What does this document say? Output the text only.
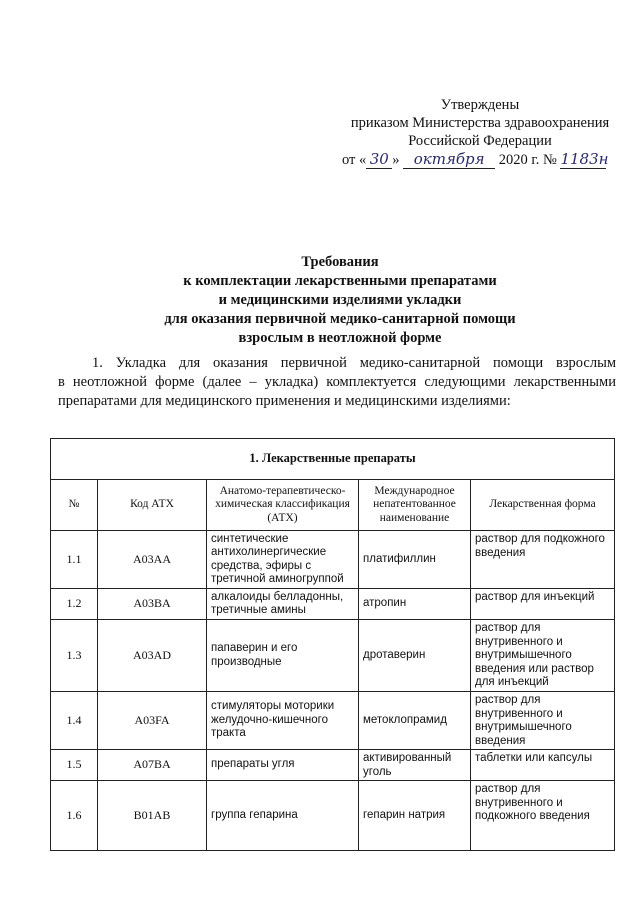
Утверждены
приказом Министерства здравоохранения
Российской Федерации
от « 30 » октября 2020 г. № 1183н
Требования
к комплектации лекарственными препаратами
и медицинскими изделиями укладки
для оказания первичной медико-санитарной помощи
взрослым в неотложной форме
1. Укладка для оказания первичной медико-санитарной помощи взрослым
в неотложной форме (далее – укладка) комплектуется следующими лекарственными
препаратами для медицинского применения и медицинскими изделиями:
1. Лекарственные препараты				
№	Код АТХ	Анатомо-терапевтическо-химическая классификация (АТХ)	Международное непатентованное наименование	Лекарственная форма
1.1	A03AA	синтетические антихолинергические средства, эфиры с третичной аминогруппой	платифиллин	раствор для подкожного введения
1.2	A03BA	алкалоиды белладонны, третичные амины	атропин	раствор для инъекций
1.3	A03AD	папаверин и его производные	дротаверин	раствор для внутривенного и внутримышечного введения или раствор для инъекций
1.4	A03FA	стимуляторы моторики желудочно-кишечного тракта	метоклопрамид	раствор для внутривенного и внутримышечного введения
1.5	A07BA	препараты угля	активированный уголь	таблетки или капсулы
1.6	B01AB	группа гепарина	гепарин натрия	раствор для внутривенного и подкожного введения
